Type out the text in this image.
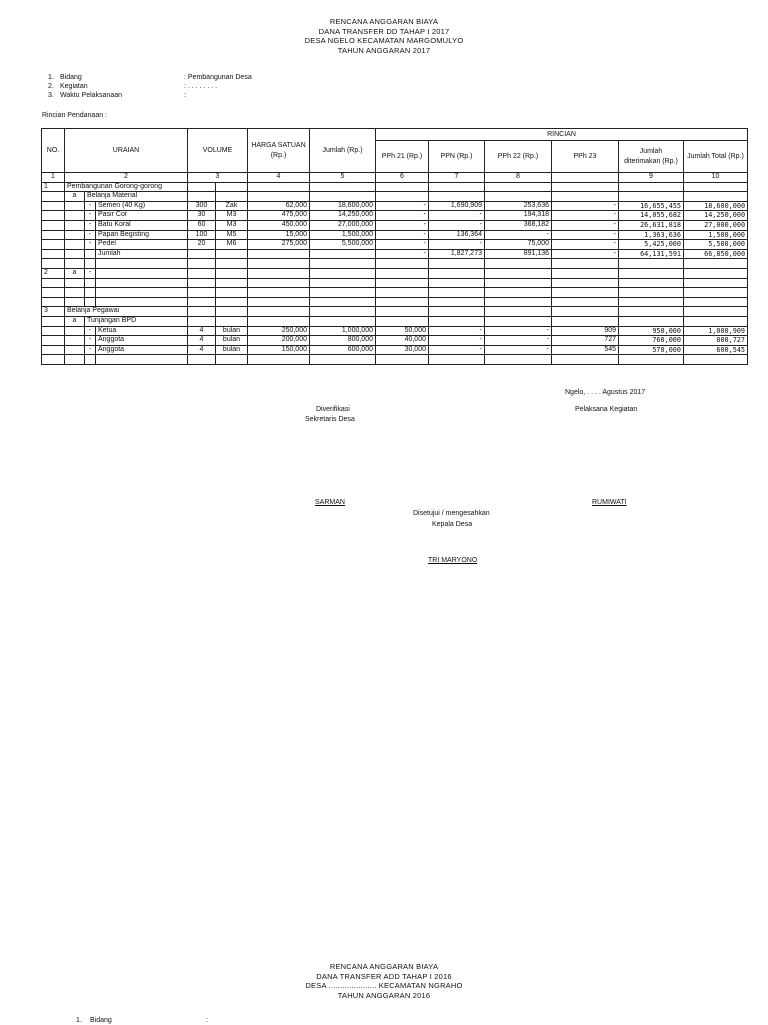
RENCANA ANGGARAN BIAYA
DANA TRANSFER DD TAHAP I 2017
DESA NGELO KECAMATAN MARGOMULYO
TAHUN ANGGARAN 2017
1. Bidang	: Pembangunan Desa
2. Kegiatan	: . . . . . . . .
3. Waktu Pelaksanaan	:
Rincian Pendanaan :
NO.	URAIAN			VOLUME		HARGA SATUAN (Rp.)	Jumlah (Rp.)	RINCIAN					
								PPh 21 (Rp.)	PPN (Rp.)	PPh 22 (Rp.)	PPh 23	Jumlah diterimakan (Rp.)	Jumlah Total (Rp.)
1	2			3		4	5	6	7	8		9	10
1	Pembangunan Gorong-gorong												
	a	Belanja Material											
		-	Semen (40 Kg)	300	Zak	62,000	18,600,000	-	1,690,909	253,636	-	16,655,455	18,600,000
		-	Pasir Cor	30	M3	475,000	14,250,000	-	-	194,318	-	14,055,682	14,250,000
		-	Batu Koral	60	M3	450,000	27,000,000	-	-	368,182	-	26,631,818	27,000,000
		-	Papan Begisting	100	M5	15,000	1,500,000	-	136,364	-	-	1,363,636	1,500,000
		-	Pedel	20	M6	275,000	5,500,000	-	-	75,000	-	5,425,000	5,500,000
			Jumlah					-	1,827,273	891,136	-	64,131,591	66,850,000

2	a	-											

3	Belanja Pegawai												
	a	Tunjangan BPD											
		-	Ketua	4	bulan	250,000	1,000,000	50,000	-	-	909	950,000	1,000,909
		-	Anggota	4	bulan	200,000	800,000	40,000	-	-	727	760,000	800,727
		-	Anggota	4	bulan	150,000	600,000	30,000	-	-	545	570,000	600,545

Ngelo, . . . . Agustus 2017
Pelaksana Kegiatan
Diverifikasi
Sekretaris Desa
SARMAN	RUMIWATI
Disetujui / mengesahkan
Kepala Desa
TRI MARYONO
RENCANA ANGGARAN BIAYA
DANA TRANSFER ADD TAHAP I 2016
DESA ..................... KECAMATAN NGRAHO
TAHUN ANGGARAN 2016
1.	Bidang	:
